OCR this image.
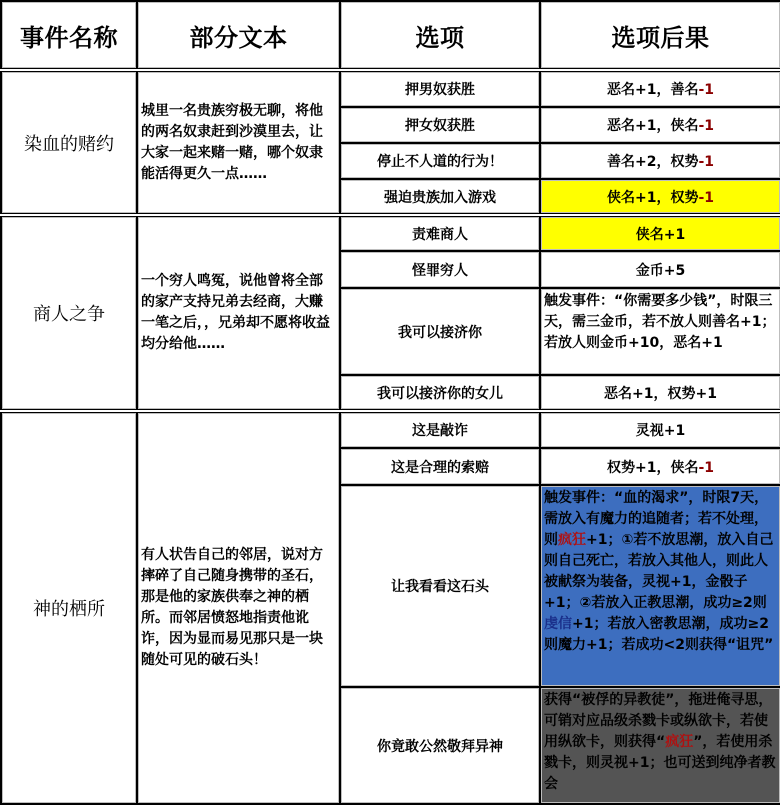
事件名称	部分文本	选项	选项后果
染血的赌约	城里一名贵族穷极无聊，将他的两名奴隶赶到沙漠里去，让大家一起来赌一赌，哪个奴隶能活得更久一点……	押男奴获胜	恶名+1，善名-1
		押女奴获胜	恶名+1，侠名-1
		停止不人道的行为！	善名+2，权势-1
		强迫贵族加入游戏	侠名+1，权势-1
商人之争	一个穷人鸣冤，说他曾将全部的家产支持兄弟去经商，大赚一笔之后，，兄弟却不愿将收益均分给他……	责难商人	侠名+1
		怪罪穷人	金币+5
		我可以接济你	触发事件：“你需要多少钱”，时限三天，需三金币，若不放人则善名+1；若放人则金币+10，恶名+1
		我可以接济你的女儿	恶名+1，权势+1
神的栖所	有人状告自己的邻居，说对方摔碎了自己随身携带的圣石，那是他的家族供奉之神的栖所。而邻居愤怒地指责他讹诈，因为显而易见那只是一块随处可见的破石头！	这是敲诈	灵视+1
		这是合理的索赔	权势+1，侠名-1
		让我看看这石头	触发事件：“血的渴求”，时限7天，需放入有魔力的追随者；若不处理，则疯狂+1；①若不放思潮，放入自己则自己死亡，若放入其他人，则此人被献祭为装备，灵视+1，金骰子+1；②若放入正教思潮，成功≥2则虔信+1；若放入密教思潮，成功≥2则魔力+1；若成功<2则获得“诅咒”
		你竟敢公然敬拜异神	获得“被俘的异教徒”，拖进俺寻思，可销对应品级杀戮卡或纵欲卡，若使用纵欲卡，则获得“疯狂”，若使用杀戮卡，则灵视+1；也可送到纯净者教会
